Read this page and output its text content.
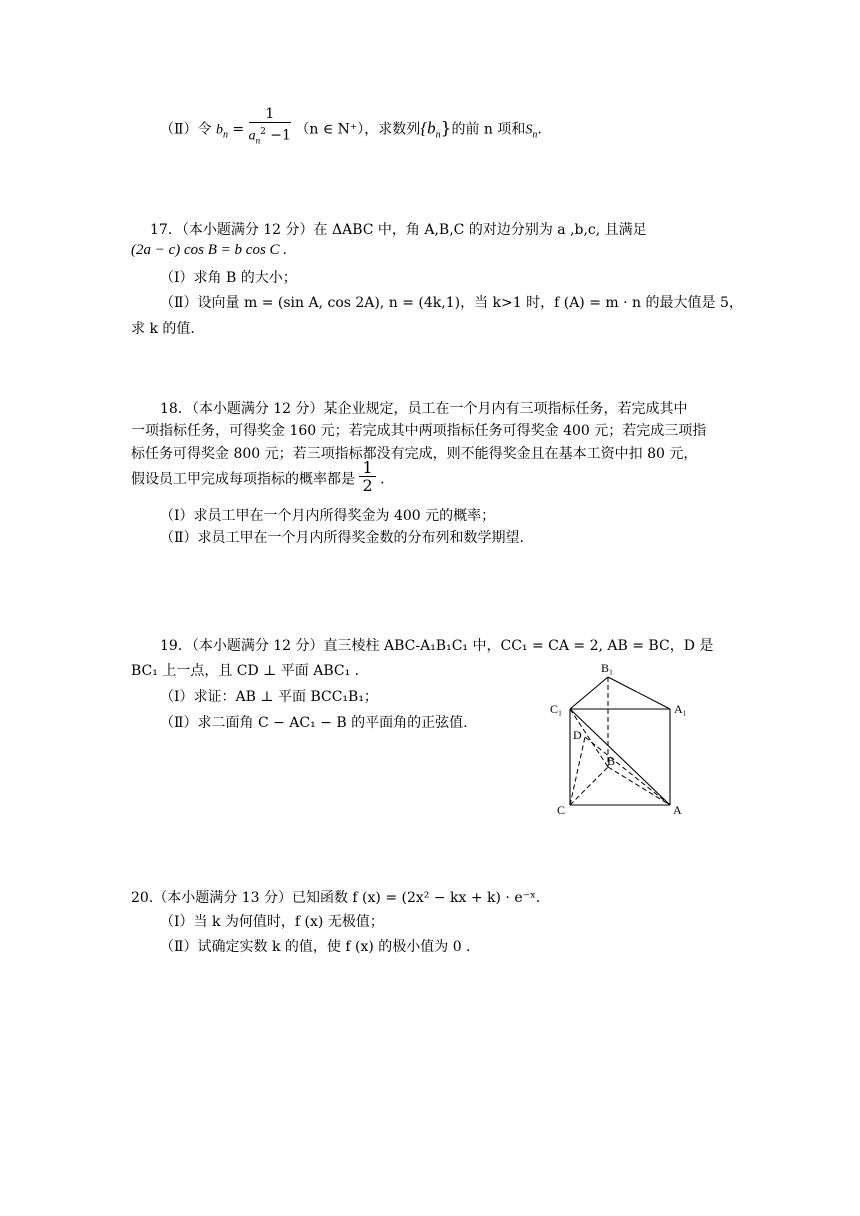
（Ⅱ）令 $b_n = \frac{1}{a_n^2 -1} (n$ ∈ N⁺），求数列$\{b_n\}$的前 n 项和$S_n$.
17．（本小题满分 12 分）在 ΔABC 中，角 A,B,C 的对边分别为 a ,b,c, 且满足
(2a − c) cos B = b cos C .
（Ⅰ）求角 B 的大小；
（Ⅱ）设向量 m = (sin A, cos 2A), n = (4k,1)，当 k>1 时，f (A) = m · n 的最大值是 5，
求 k 的值.
18．（本小题满分 12 分）某企业规定，员工在一个月内有三项指标任务，若完成其中
一项指标任务，可得奖金 160 元；若完成其中两项指标任务可得奖金 400 元；若完成三项指
标任务可得奖金 800 元；若三项指标都没有完成，则不能得奖金且在基本工资中扣 80 元，
假设员工甲完成每项指标的概率都是 $\frac{1}{2}$ .
（Ⅰ）求员工甲在一个月内所得奖金为 400 元的概率；
（Ⅱ）求员工甲在一个月内所得奖金数的分布列和数学期望.
19．（本小题满分 12 分）直三棱柱 ABC-A₁B₁C₁ 中，CC₁ = CA = 2, AB = BC，D 是
BC₁ 上一点，且 CD ⊥ 平面 ABC₁ .
（Ⅰ）求证：AB ⊥ 平面 BCC₁B₁；
（Ⅱ）求二面角 C − AC₁ − B 的平面角的正弦值.
B₁
C₁	A₁
D
B
C	A
20.（本小题满分 13 分）已知函数 f (x) = (2x² − kx + k) · e⁻ˣ.
（Ⅰ）当 k 为何值时，f (x) 无极值；
（Ⅱ）试确定实数 k 的值，使 f (x) 的极小值为 0 .
